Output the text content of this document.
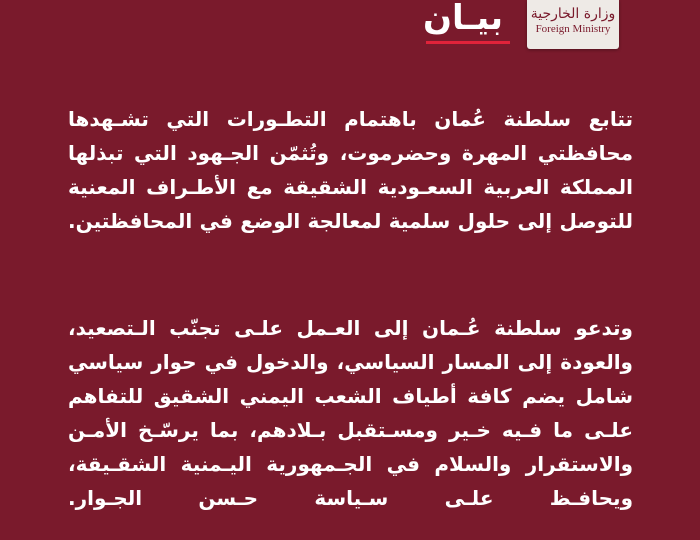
وزارة الخارجية
Foreign Ministry
بيـان
تتابع سلطنة عُمان باهتمام التطـورات التي تشـهدها
محافظتي المهرة وحضرموت، وتُثمّن الجـهود التي تبذلها
المملكة العربية السعـودية الشقيقة مع الأطـراف المعنية
للتوصل إلى حلول سلمية لمعالجة الوضع في المحافظتين.
وتدعو سلطنة عُـمان إلى العـمل علـى تجنّب الـتصعيد،
والعودة إلى المسار السياسي، والدخول في حوار سياسي
شامل يضم كافة أطياف الشعب اليمني الشقيق للتفاهم
علـى ما فـيه خـير ومسـتقبل بـلادهم، بما يرسّـخ الأمـن
والاستقرار والسلام في الجـمهورية اليـمنية الشقـيقة،
ويحافـظ علـى سـياسة حـسن الجـوار.
